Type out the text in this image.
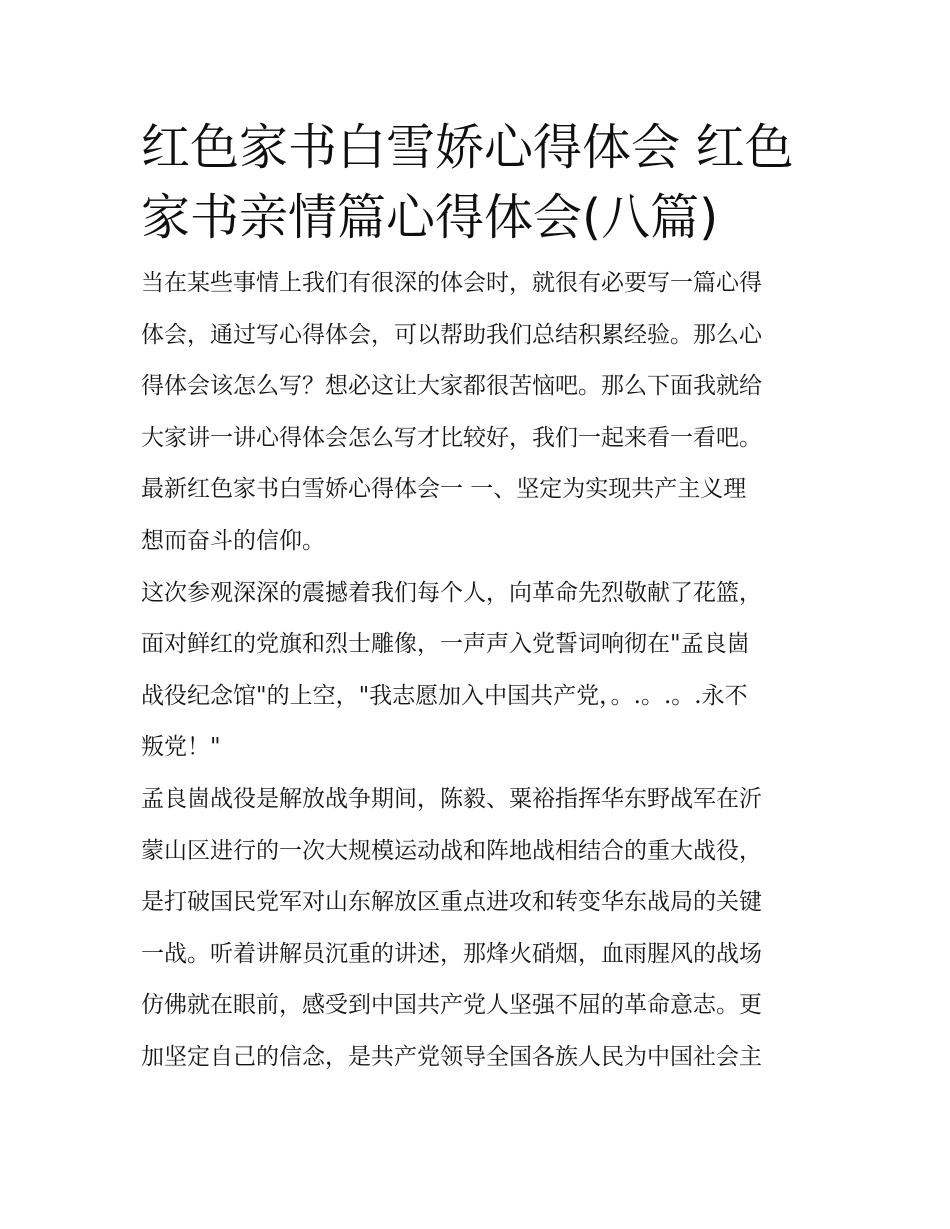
红色家书白雪娇心得体会 红色
家书亲情篇心得体会(八篇)
当在某些事情上我们有很深的体会时，就很有必要写一篇心得
体会，通过写心得体会，可以帮助我们总结积累经验。那么心
得体会该怎么写？想必这让大家都很苦恼吧。那么下面我就给
大家讲一讲心得体会怎么写才比较好，我们一起来看一看吧。
最新红色家书白雪娇心得体会一 一、坚定为实现共产主义理
想而奋斗的信仰。
这次参观深深的震撼着我们每个人，向革命先烈敬献了花篮，
面对鲜红的党旗和烈士雕像，一声声入党誓词响彻在"孟良崮
战役纪念馆"的上空，"我志愿加入中国共产党，。.。.。.永不
叛党！"
孟良崮战役是解放战争期间，陈毅、粟裕指挥华东野战军在沂
蒙山区进行的一次大规模运动战和阵地战相结合的重大战役，
是打破国民党军对山东解放区重点进攻和转变华东战局的关键
一战。听着讲解员沉重的讲述，那烽火硝烟，血雨腥风的战场
仿佛就在眼前，感受到中国共产党人坚强不屈的革命意志。更
加坚定自己的信念，是共产党领导全国各族人民为中国社会主
